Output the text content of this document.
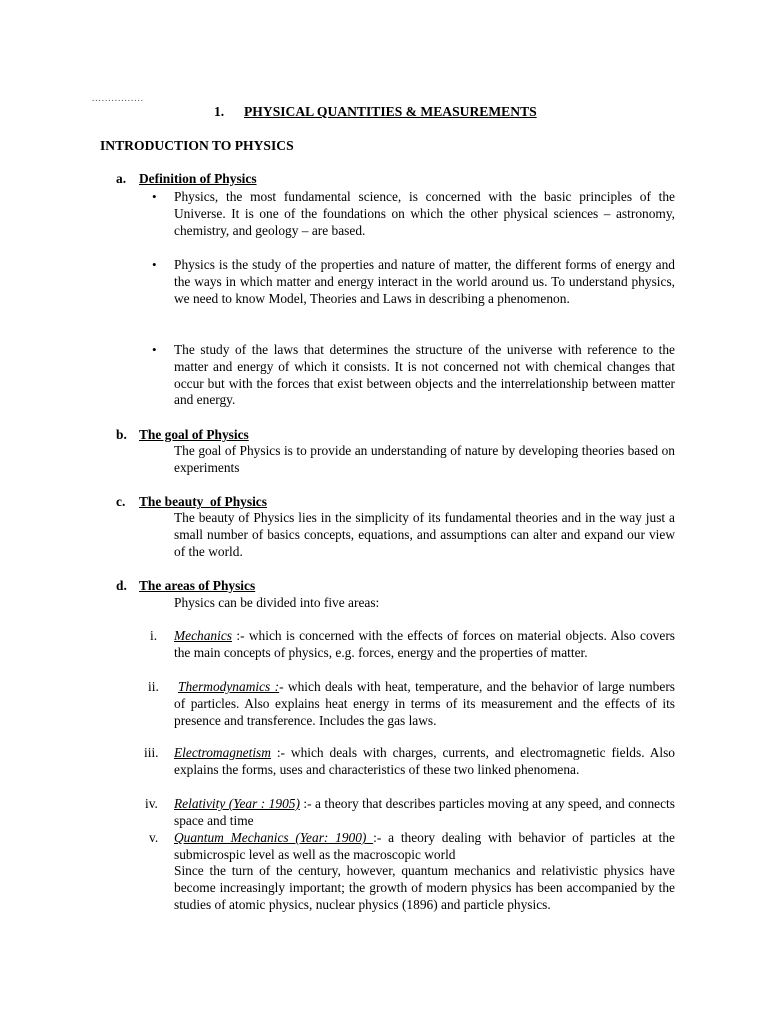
................
1. PHYSICAL QUANTITIES & MEASUREMENTS
INTRODUCTION TO PHYSICS
a. Definition of Physics
• Physics, the most fundamental science, is concerned with the basic principles of the Universe. It is one of the foundations on which the other physical sciences – astronomy, chemistry, and geology – are based.
• Physics is the study of the properties and nature of matter, the different forms of energy and the ways in which matter and energy interact in the world around us. To understand physics, we need to know Model, Theories and Laws in describing a phenomenon.
• The study of the laws that determines the structure of the universe with reference to the matter and energy of which it consists. It is not concerned not with chemical changes that occur but with the forces that exist between objects and the interrelationship between matter and energy.
b. The goal of Physics
The goal of Physics is to provide an understanding of nature by developing theories based on experiments
c. The beauty  of Physics
The beauty of Physics lies in the simplicity of its fundamental theories and in the way just a small number of basics concepts, equations, and assumptions can alter and expand our view of the world.
d. The areas of Physics
Physics can be divided into five areas:
i. Mechanics :- which is concerned with the effects of forces on material objects. Also covers the main concepts of physics, e.g. forces, energy and the properties of matter.
ii. Thermodynamics :- which deals with heat, temperature, and the behavior of large numbers of particles. Also explains heat energy in terms of its measurement and the effects of its presence and transference. Includes the gas laws.
iii. Electromagnetism :- which deals with charges, currents, and electromagnetic fields. Also explains the forms, uses and characteristics of these two linked phenomena.
iv. Relativity (Year : 1905) :- a theory that describes particles moving at any speed, and connects space and time
v. Quantum Mechanics (Year: 1900) :- a theory dealing with behavior of particles at the submicrospic level as well as the macroscopic world
Since the turn of the century, however, quantum mechanics and relativistic physics have become increasingly important; the growth of modern physics has been accompanied by the studies of atomic physics, nuclear physics (1896) and particle physics.
